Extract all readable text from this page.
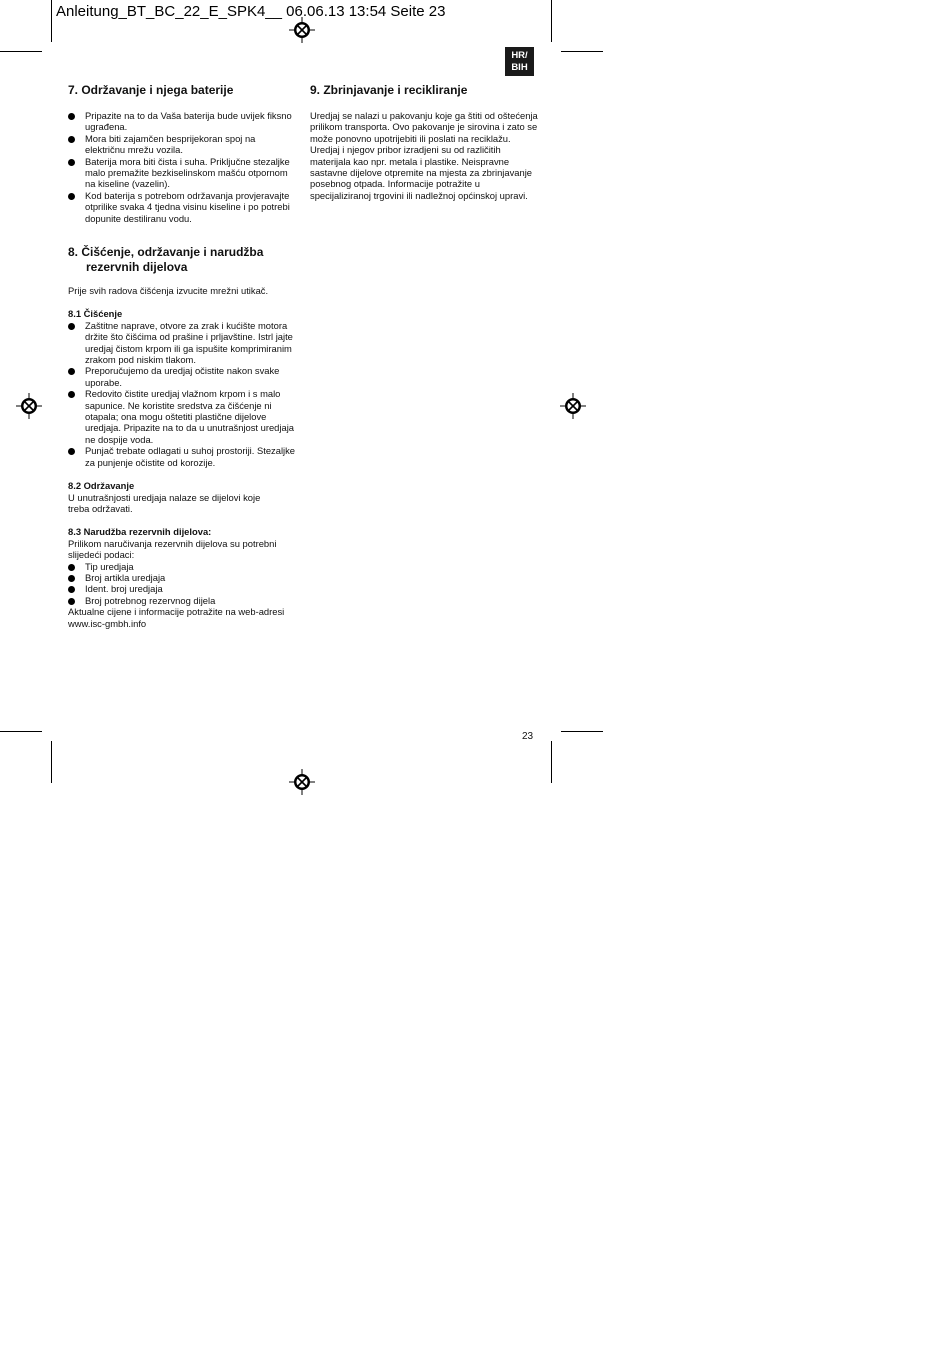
Anleitung_BT_BC_22_E_SPK4__ 06.06.13 13:54 Seite 23
HR/
BIH
7. Održavanje i njega baterije
Pripazite na to da Vaša baterija bude uvijek fiksno ugrađena.
Mora biti zajamčen besprijekoran spoj na električnu mrežu vozila.
Baterija mora biti čista i suha. Priključne stezaljke malo premažite bezkiselinskom mašću otpornom na kiseline (vazelin).
Kod baterija s potrebom održavanja provjeravajte otprilike svaka 4 tjedna visinu kiseline i po potrebi dopunite destiliranu vodu.
9. Zbrinjavanje i recikliranje

Uredjaj se nalazi u pakovanju koje ga štiti od oštećenja prilikom transporta. Ovo pakovanje je sirovina i zato se može ponovno upotrijebiti ili poslati na reciklažu.

Uredjaj i njegov pribor izradjeni su od različitih materijala kao npr. metala i plastike. Neispravne sastavne dijelove otpremite na mjesta za zbrinjavanje posebnog otpada. Informacije potražite u specijaliziranoj trgovini ili nadležnoj općinskoj upravi.

8. Čišćenje, održavanje i narudžba
rezervnih dijelova

Prije svih radova čišćenja izvucite mrežni utikač.

8.1 Čišćenje

Zaštitne naprave, otvore za zrak i kućište motora držite što čišćima od prašine i prljavštine. Istrl jajte uredjaj čistom krpom ili ga ispušite komprimiranim zrakom pod niskim tlakom.
Preporučujemo da uredjaj očistite nakon svake uporabe.
Redovito čistite uredjaj vlažnom krpom i s malo sapunice. Ne koristite sredstva za čišćenje ni otapala; ona mogu oštetiti plastične dijelove uredjaja. Pripazite na to da u unutrašnjost uredjaja ne dospije voda.
Punjač trebate odlagati u suhoj prostoriji. Stezaljke za punjenje očistite od korozije.

8.2 Održavanje

U unutrašnjosti uredjaja nalaze se dijelovi koje treba održavati.

8.3 Narudžba rezervnih dijelova:

Prilikom naručivanja rezervnih dijelova su potrebni slijedeći podaci:

Tip uredjaja
Broj artikla uredjaja
Ident. broj uredjaja
Broj potrebnog rezervnog dijela

Aktualne cijene i informacije potražite na web-adresi

www.isc-gmbh.info

23
